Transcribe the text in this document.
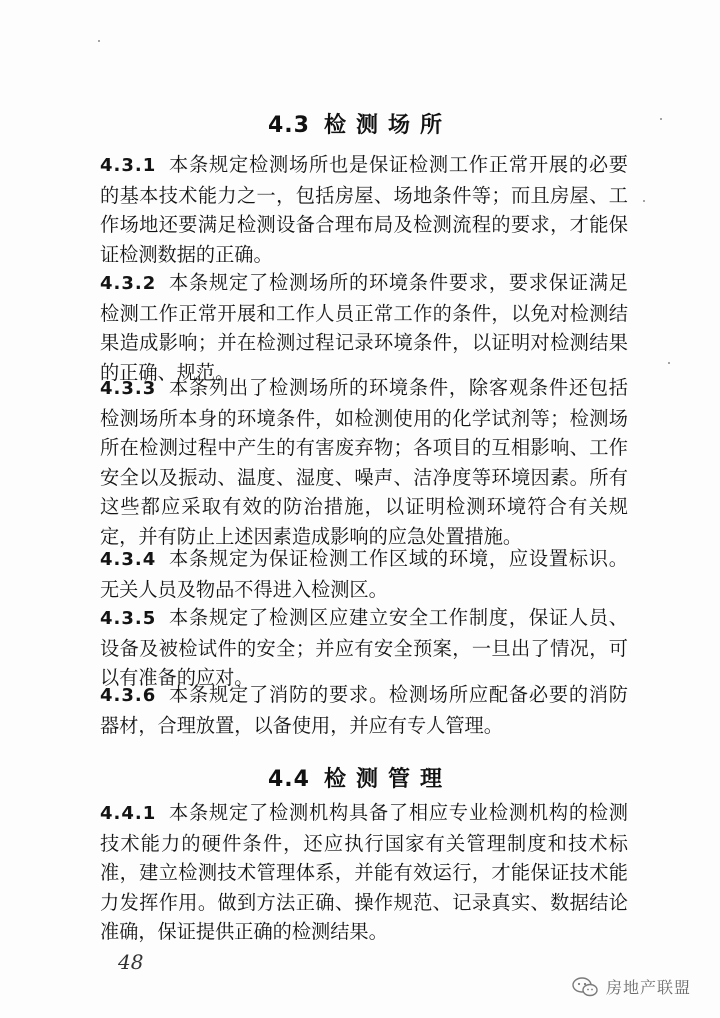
4.3 检测场所

4.3.1 本条规定检测场所也是保证检测工作正常开展的必要的基本技术能力之一，包括房屋、场地条件等；而且房屋、工作场地还要满足检测设备合理布局及检测流程的要求，才能保证检测数据的正确。

4.3.2 本条规定了检测场所的环境条件要求，要求保证满足检测工作正常开展和工作人员正常工作的条件，以免对检测结果造成影响；并在检测过程记录环境条件，以证明对检测结果的正确、规范。

4.3.3 本条列出了检测场所的环境条件，除客观条件还包括检测场所本身的环境条件，如检测使用的化学试剂等；检测场所在检测过程中产生的有害废弃物；各项目的互相影响、工作安全以及振动、温度、湿度、噪声、洁净度等环境因素。所有这些都应采取有效的防治措施，以证明检测环境符合有关规定，并有防止上述因素造成影响的应急处置措施。

4.3.4 本条规定为保证检测工作区域的环境，应设置标识。无关人员及物品不得进入检测区。

4.3.5 本条规定了检测区应建立安全工作制度，保证人员、设备及被检试件的安全；并应有安全预案，一旦出了情况，可以有准备的应对。

4.3.6 本条规定了消防的要求。检测场所应配备必要的消防器材，合理放置，以备使用，并应有专人管理。

4.4 检测管理

4.4.1 本条规定了检测机构具备了相应专业检测机构的检测技术能力的硬件条件，还应执行国家有关管理制度和技术标准，建立检测技术管理体系，并能有效运行，才能保证技术能力发挥作用。做到方法正确、操作规范、记录真实、数据结论准确，保证提供正确的检测结果。

48
房地产联盟
